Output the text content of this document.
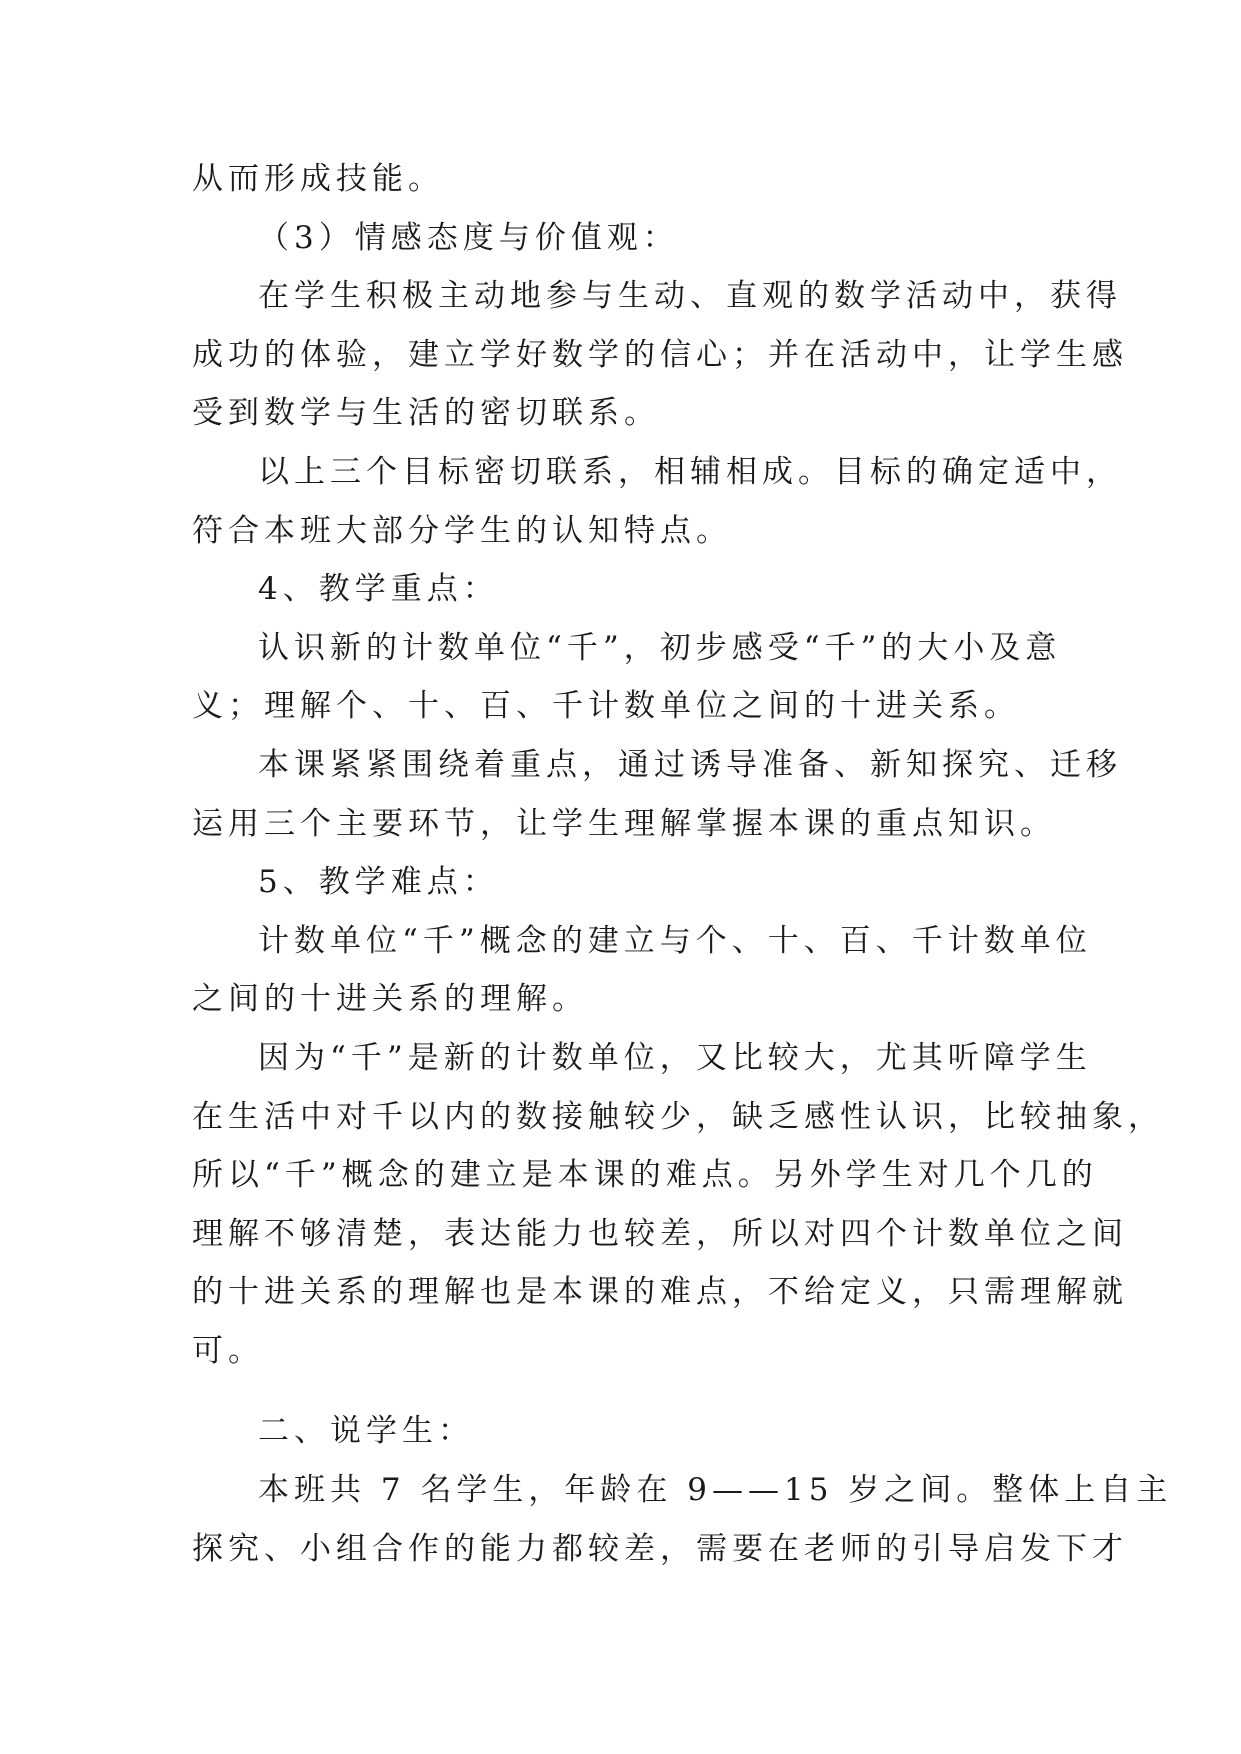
从而形成技能。
（3）情感态度与价值观：
在学生积极主动地参与生动、直观的数学活动中，获得
成功的体验，建立学好数学的信心；并在活动中，让学生感
受到数学与生活的密切联系。
以上三个目标密切联系，相辅相成。目标的确定适中，
符合本班大部分学生的认知特点。
4、教学重点：
认识新的计数单位“千”，初步感受“千”的大小及意
义；理解个、十、百、千计数单位之间的十进关系。
本课紧紧围绕着重点，通过诱导准备、新知探究、迁移
运用三个主要环节，让学生理解掌握本课的重点知识。
5、教学难点：
计数单位“千”概念的建立与个、十、百、千计数单位
之间的十进关系的理解。
因为“千”是新的计数单位，又比较大，尤其听障学生
在生活中对千以内的数接触较少，缺乏感性认识，比较抽象，
所以“千”概念的建立是本课的难点。另外学生对几个几的
理解不够清楚，表达能力也较差，所以对四个计数单位之间
的十进关系的理解也是本课的难点，不给定义，只需理解就
可。
二、说学生：
本班共 7 名学生，年龄在 9——15 岁之间。整体上自主
探究、小组合作的能力都较差，需要在老师的引导启发下才
